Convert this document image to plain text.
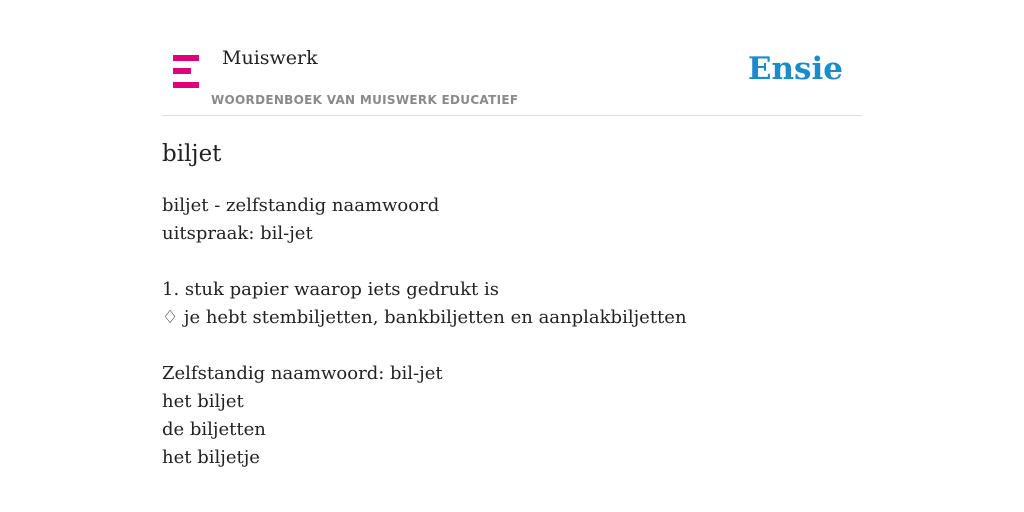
Muiswerk
WOORDENBOEK VAN MUISWERK EDUCATIEF
Ensie
biljet
biljet - zelfstandig naamwoord
uitspraak: bil-jet
1. stuk papier waarop iets gedrukt is
♢ je hebt stembiljetten, bankbiljetten en aanplakbiljetten
Zelfstandig naamwoord: bil-jet
het biljet
de biljetten
het biljetje
